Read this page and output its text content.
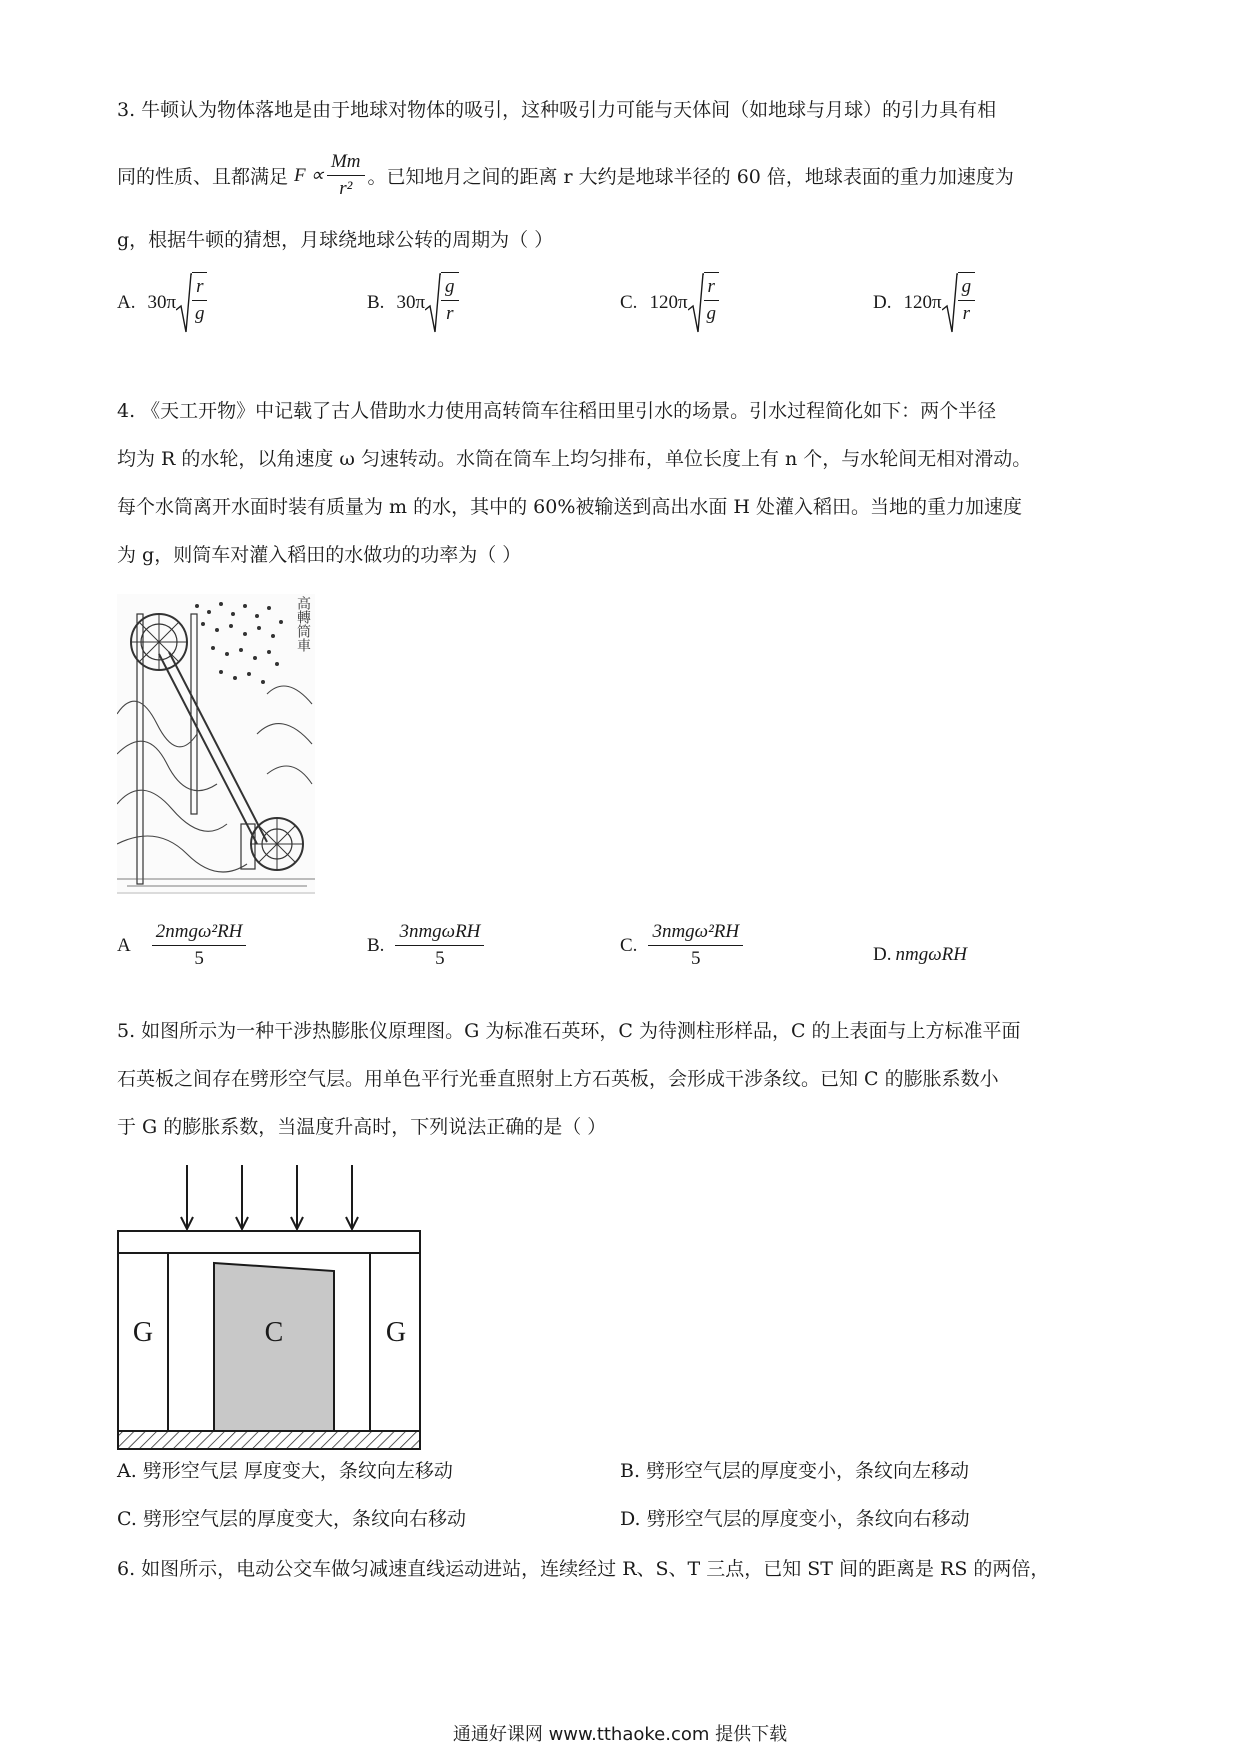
3. 牛顿认为物体落地是由于地球对物体的吸引，这种吸引力可能与天体间（如地球与月球）的引力具有相
同的性质、且都满足 $F \propto \frac{Mm}{\text{r²}}$ 。已知地月之间的距离 r 大约是地球半径的 60 倍，地球表面的重力加速度为
g，根据牛顿的猜想，月球绕地球公转的周期为（ ）
A. $30\pi \frac{r}{g}$	B. $30\pi \frac{g}{r}$	C. $120\pi \frac{r}{g}$	D. $120\pi \frac{g}{r}$
4. 《天工开物》中记载了古人借助水力使用高转筒车往稻田里引水的场景。引水过程简化如下：两个半径
均为 R 的水轮，以角速度 ω 匀速转动。水筒在筒车上均匀排布，单位长度上有 n 个，与水轮间无相对滑动。
每个水筒离开水面时装有质量为 m 的水，其中的 60%被输送到高出水面 H 处灌入稻田。当地的重力加速度
为 g，则筒车对灌入稻田的水做功的功率为（ ）
高轉筒車
A $\frac{\text{2nmgω²RH}}{5}$	B. $\frac{\text{3nmgωRH}}{5}$	C. $\frac{\text{3nmgω²RH}}{5}$	D. nmgωRH
5. 如图所示为一种干涉热膨胀仪原理图。G 为标准石英环，C 为待测柱形样品，C 的上表面与上方标准平面
石英板之间存在劈形空气层。用单色平行光垂直照射上方石英板，会形成干涉条纹。已知 C 的膨胀系数小
于 G 的膨胀系数，当温度升高时，下列说法正确的是（ ）
G	C	G
A. 劈形空气层 厚度变大，条纹向左移动	B. 劈形空气层的厚度变小，条纹向左移动
C. 劈形空气层的厚度变大，条纹向右移动	D. 劈形空气层的厚度变小，条纹向右移动
6. 如图所示，电动公交车做匀减速直线运动进站，连续经过 R、S、T 三点，已知 ST 间的距离是 RS 的两倍，
通通好课网 www.tthaoke.com 提供下载
